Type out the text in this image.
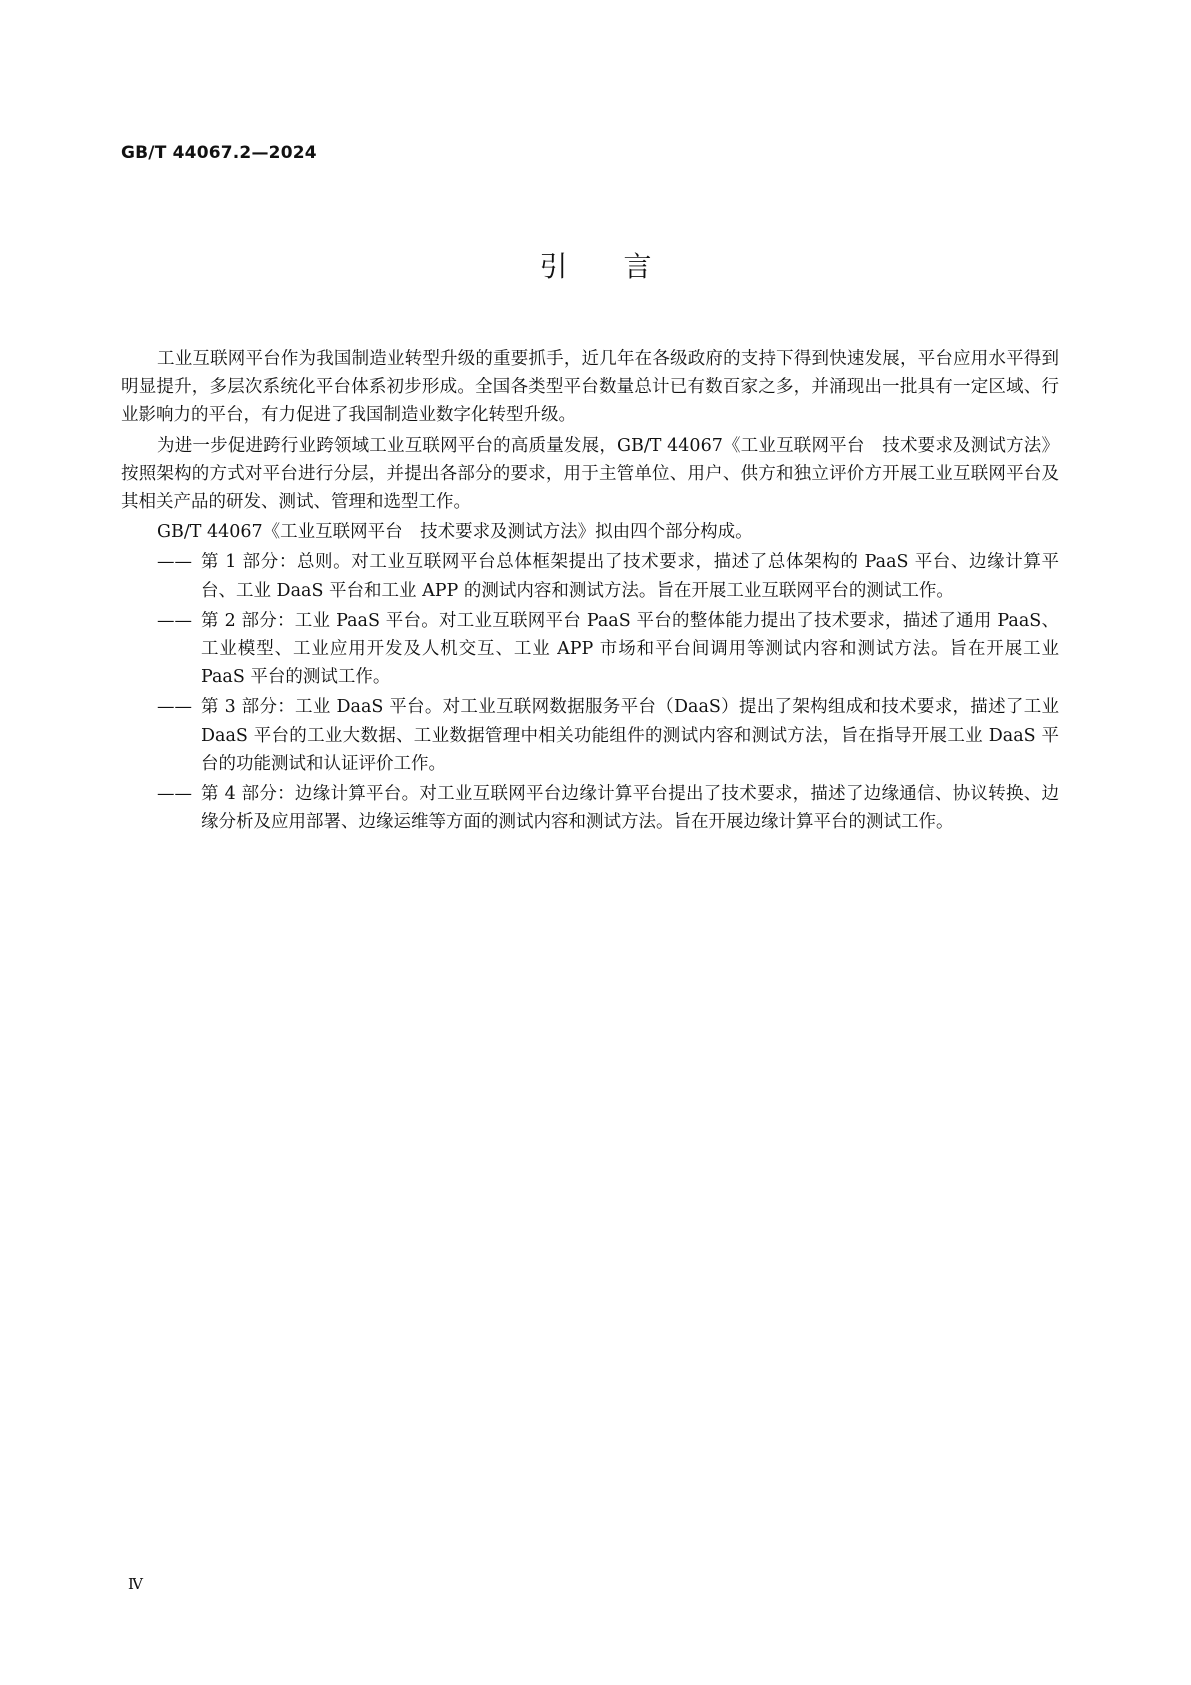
GB/T 44067.2—2024
引言

工业互联网平台作为我国制造业转型升级的重要抓手，近几年在各级政府的支持下得到快速发展，平台应用水平得到明显提升，多层次系统化平台体系初步形成。全国各类型平台数量总计已有数百家之多，并涌现出一批具有一定区域、行业影响力的平台，有力促进了我国制造业数字化转型升级。

为进一步促进跨行业跨领域工业互联网平台的高质量发展，GB/T 44067《工业互联网平台　技术要求及测试方法》按照架构的方式对平台进行分层，并提出各部分的要求，用于主管单位、用户、供方和独立评价方开展工业互联网平台及其相关产品的研发、测试、管理和选型工作。

GB/T 44067《工业互联网平台　技术要求及测试方法》拟由四个部分构成。

—— 第 1 部分：总则。对工业互联网平台总体框架提出了技术要求，描述了总体架构的 PaaS 平台、边缘计算平台、工业 DaaS 平台和工业 APP 的测试内容和测试方法。旨在开展工业互联网平台的测试工作。
—— 第 2 部分：工业 PaaS 平台。对工业互联网平台 PaaS 平台的整体能力提出了技术要求，描述了通用 PaaS、工业模型、工业应用开发及人机交互、工业 APP 市场和平台间调用等测试内容和测试方法。旨在开展工业 PaaS 平台的测试工作。
—— 第 3 部分：工业 DaaS 平台。对工业互联网数据服务平台（DaaS）提出了架构组成和技术要求，描述了工业 DaaS 平台的工业大数据、工业数据管理中相关功能组件的测试内容和测试方法，旨在指导开展工业 DaaS 平台的功能测试和认证评价工作。
—— 第 4 部分：边缘计算平台。对工业互联网平台边缘计算平台提出了技术要求，描述了边缘通信、协议转换、边缘分析及应用部署、边缘运维等方面的测试内容和测试方法。旨在开展边缘计算平台的测试工作。
Ⅳ
